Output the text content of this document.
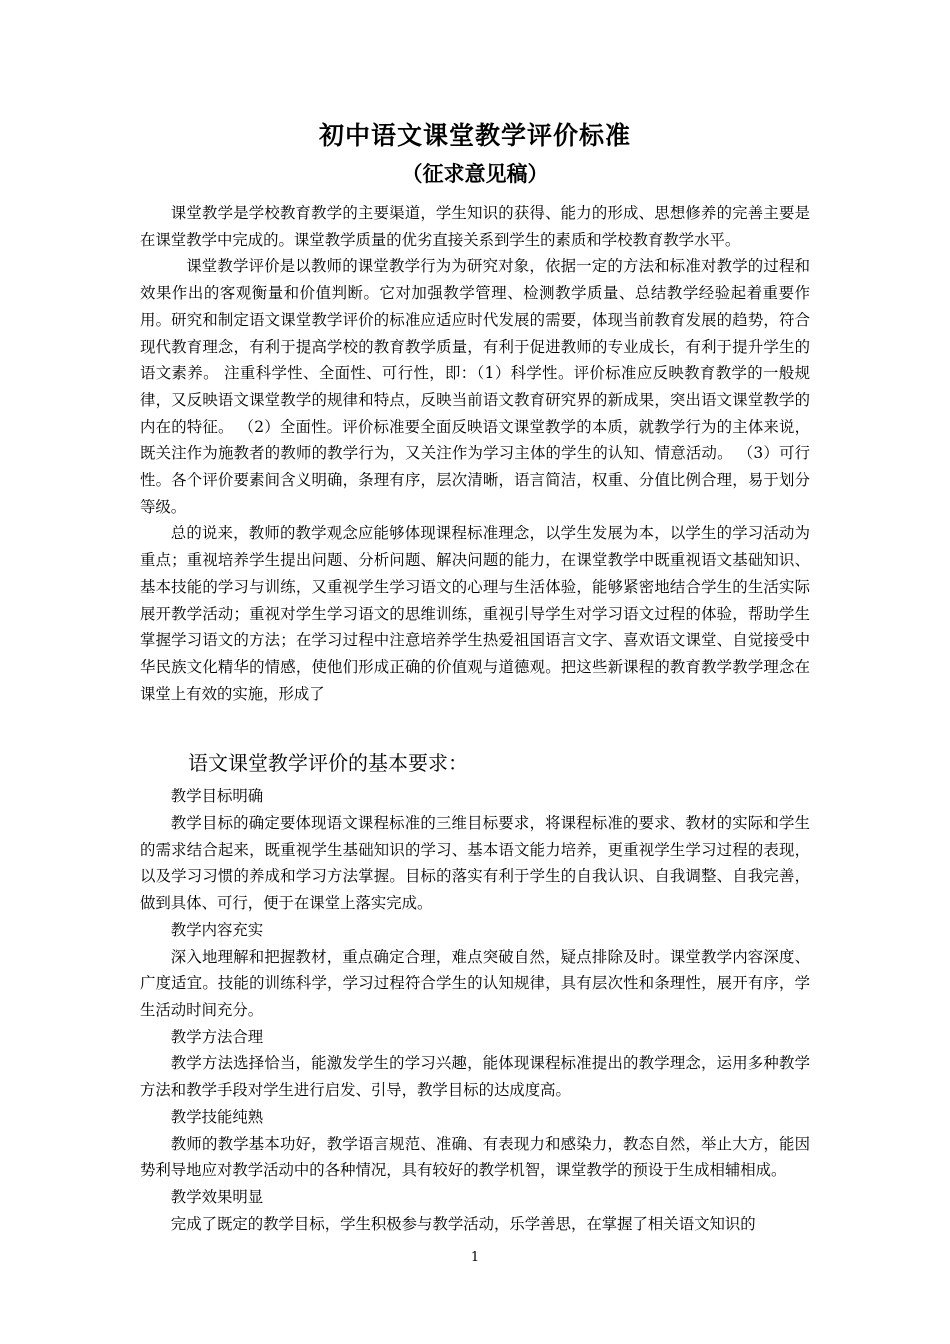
初中语文课堂教学评价标准
（征求意见稿）

课堂教学是学校教育教学的主要渠道，学生知识的获得、能力的形成、思想修养的完善主要是在课堂教学中完成的。课堂教学质量的优劣直接关系到学生的素质和学校教育教学水平。

课堂教学评价是以教师的课堂教学行为为研究对象，依据一定的方法和标准对教学的过程和效果作出的客观衡量和价值判断。它对加强教学管理、检测教学质量、总结教学经验起着重要作用。研究和制定语文课堂教学评价的标准应适应时代发展的需要，体现当前教育发展的趋势，符合现代教育理念，有利于提高学校的教育教学质量，有利于促进教师的专业成长，有利于提升学生的语文素养。 注重科学性、全面性、可行性，即：（1）科学性。评价标准应反映教育教学的一般规律，又反映语文课堂教学的规律和特点，反映当前语文教育研究界的新成果，突出语文课堂教学的内在的特征。 （2）全面性。评价标准要全面反映语文课堂教学的本质，就教学行为的主体来说，既关注作为施教者的教师的教学行为，又关注作为学习主体的学生的认知、情意活动。 （3）可行性。各个评价要素间含义明确，条理有序，层次清晰，语言简洁，权重、分值比例合理，易于划分等级。

总的说来，教师的教学观念应能够体现课程标准理念，以学生发展为本，以学生的学习活动为重点；重视培养学生提出问题、分析问题、解决问题的能力，在课堂教学中既重视语文基础知识、基本技能的学习与训练，又重视学生学习语文的心理与生活体验，能够紧密地结合学生的生活实际展开教学活动；重视对学生学习语文的思维训练，重视引导学生对学习语文过程的体验，帮助学生掌握学习语文的方法；在学习过程中注意培养学生热爱祖国语言文字、喜欢语文课堂、自觉接受中华民族文化精华的情感，使他们形成正确的价值观与道德观。把这些新课程的教育教学教学理念在课堂上有效的实施，形成了

语文课堂教学评价的基本要求：

教学目标明确

教学目标的确定要体现语文课程标准的三维目标要求，将课程标准的要求、教材的实际和学生的需求结合起来，既重视学生基础知识的学习、基本语文能力培养，更重视学生学习过程的表现，以及学习习惯的养成和学习方法掌握。目标的落实有利于学生的自我认识、自我调整、自我完善，做到具体、可行，便于在课堂上落实完成。

教学内容充实

深入地理解和把握教材，重点确定合理，难点突破自然，疑点排除及时。课堂教学内容深度、广度适宜。技能的训练科学，学习过程符合学生的认知规律，具有层次性和条理性，展开有序，学生活动时间充分。

教学方法合理

教学方法选择恰当，能激发学生的学习兴趣，能体现课程标准提出的教学理念，运用多种教学方法和教学手段对学生进行启发、引导，教学目标的达成度高。

教学技能纯熟

教师的教学基本功好，教学语言规范、准确、有表现力和感染力，教态自然，举止大方，能因势利导地应对教学活动中的各种情况，具有较好的教学机智，课堂教学的预设于生成相辅相成。

教学效果明显

完成了既定的教学目标，学生积极参与教学活动，乐学善思，在掌握了相关语文知识的

1
